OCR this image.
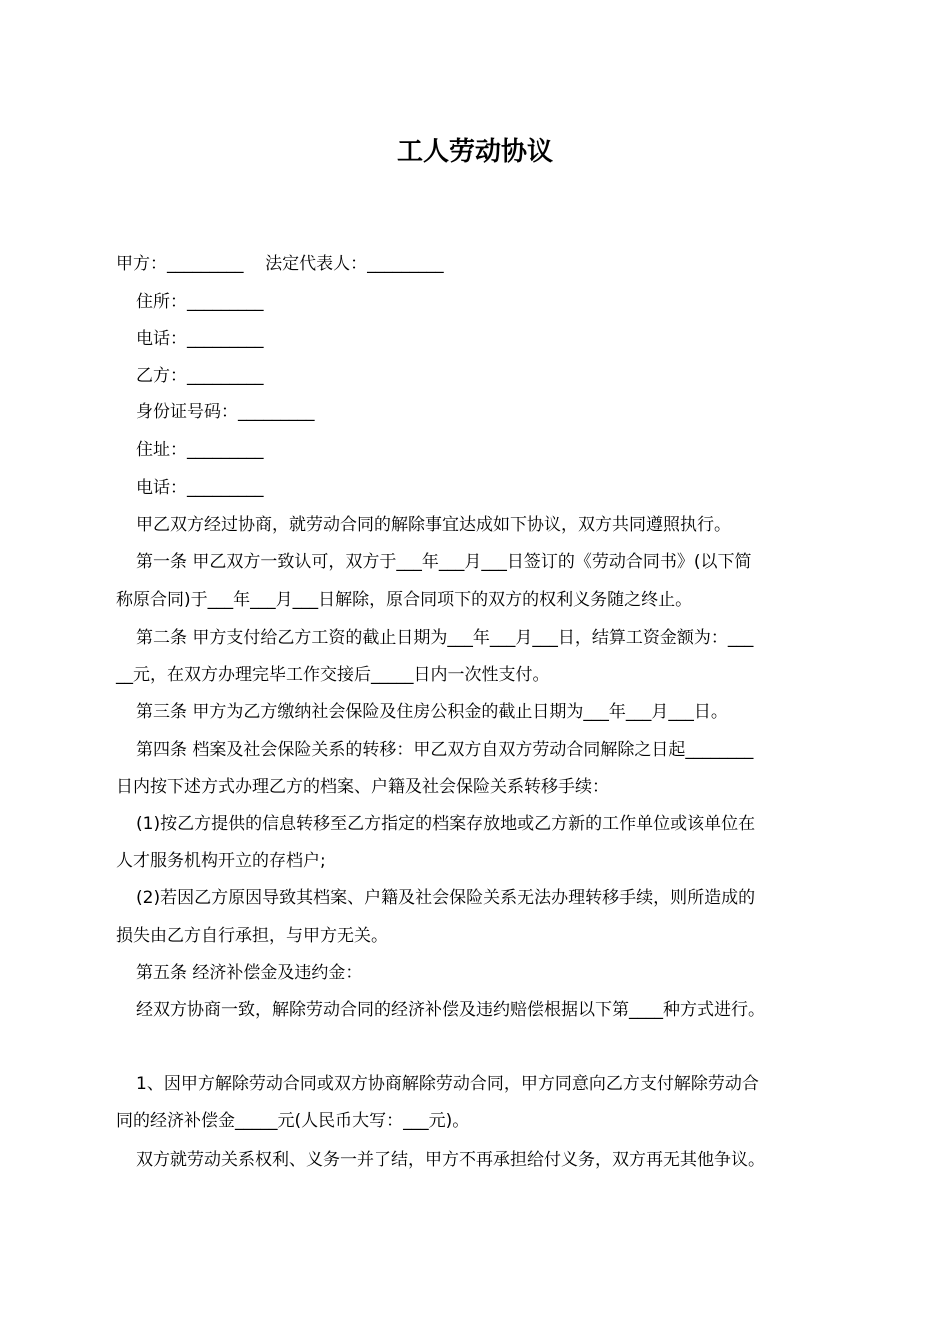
工人劳动协议

甲方：_________    法定代表人：_________

住所：_________

电话：_________

乙方：_________

身份证号码：_________

住址：_________

电话：_________

甲乙双方经过协商，就劳动合同的解除事宜达成如下协议，双方共同遵照执行。

第一条 甲乙双方一致认可，双方于___年___月___日签订的《劳动合同书》(以下简

称原合同)于___年___月___日解除，原合同项下的双方的权利义务随之终止。

第二条 甲方支付给乙方工资的截止日期为___年___月___日，结算工资金额为：___

__元，在双方办理完毕工作交接后_____日内一次性支付。

第三条 甲方为乙方缴纳社会保险及住房公积金的截止日期为___年___月___日。

第四条 档案及社会保险关系的转移：甲乙双方自双方劳动合同解除之日起________

日内按下述方式办理乙方的档案、户籍及社会保险关系转移手续：

(1)按乙方提供的信息转移至乙方指定的档案存放地或乙方新的工作单位或该单位在

人才服务机构开立的存档户;

(2)若因乙方原因导致其档案、户籍及社会保险关系无法办理转移手续，则所造成的

损失由乙方自行承担，与甲方无关。

第五条 经济补偿金及违约金：

经双方协商一致，解除劳动合同的经济补偿及违约赔偿根据以下第____种方式进行。

1、因甲方解除劳动合同或双方协商解除劳动合同，甲方同意向乙方支付解除劳动合

同的经济补偿金_____元(人民币大写：___元)。

双方就劳动关系权利、义务一并了结，甲方不再承担给付义务，双方再无其他争议。
